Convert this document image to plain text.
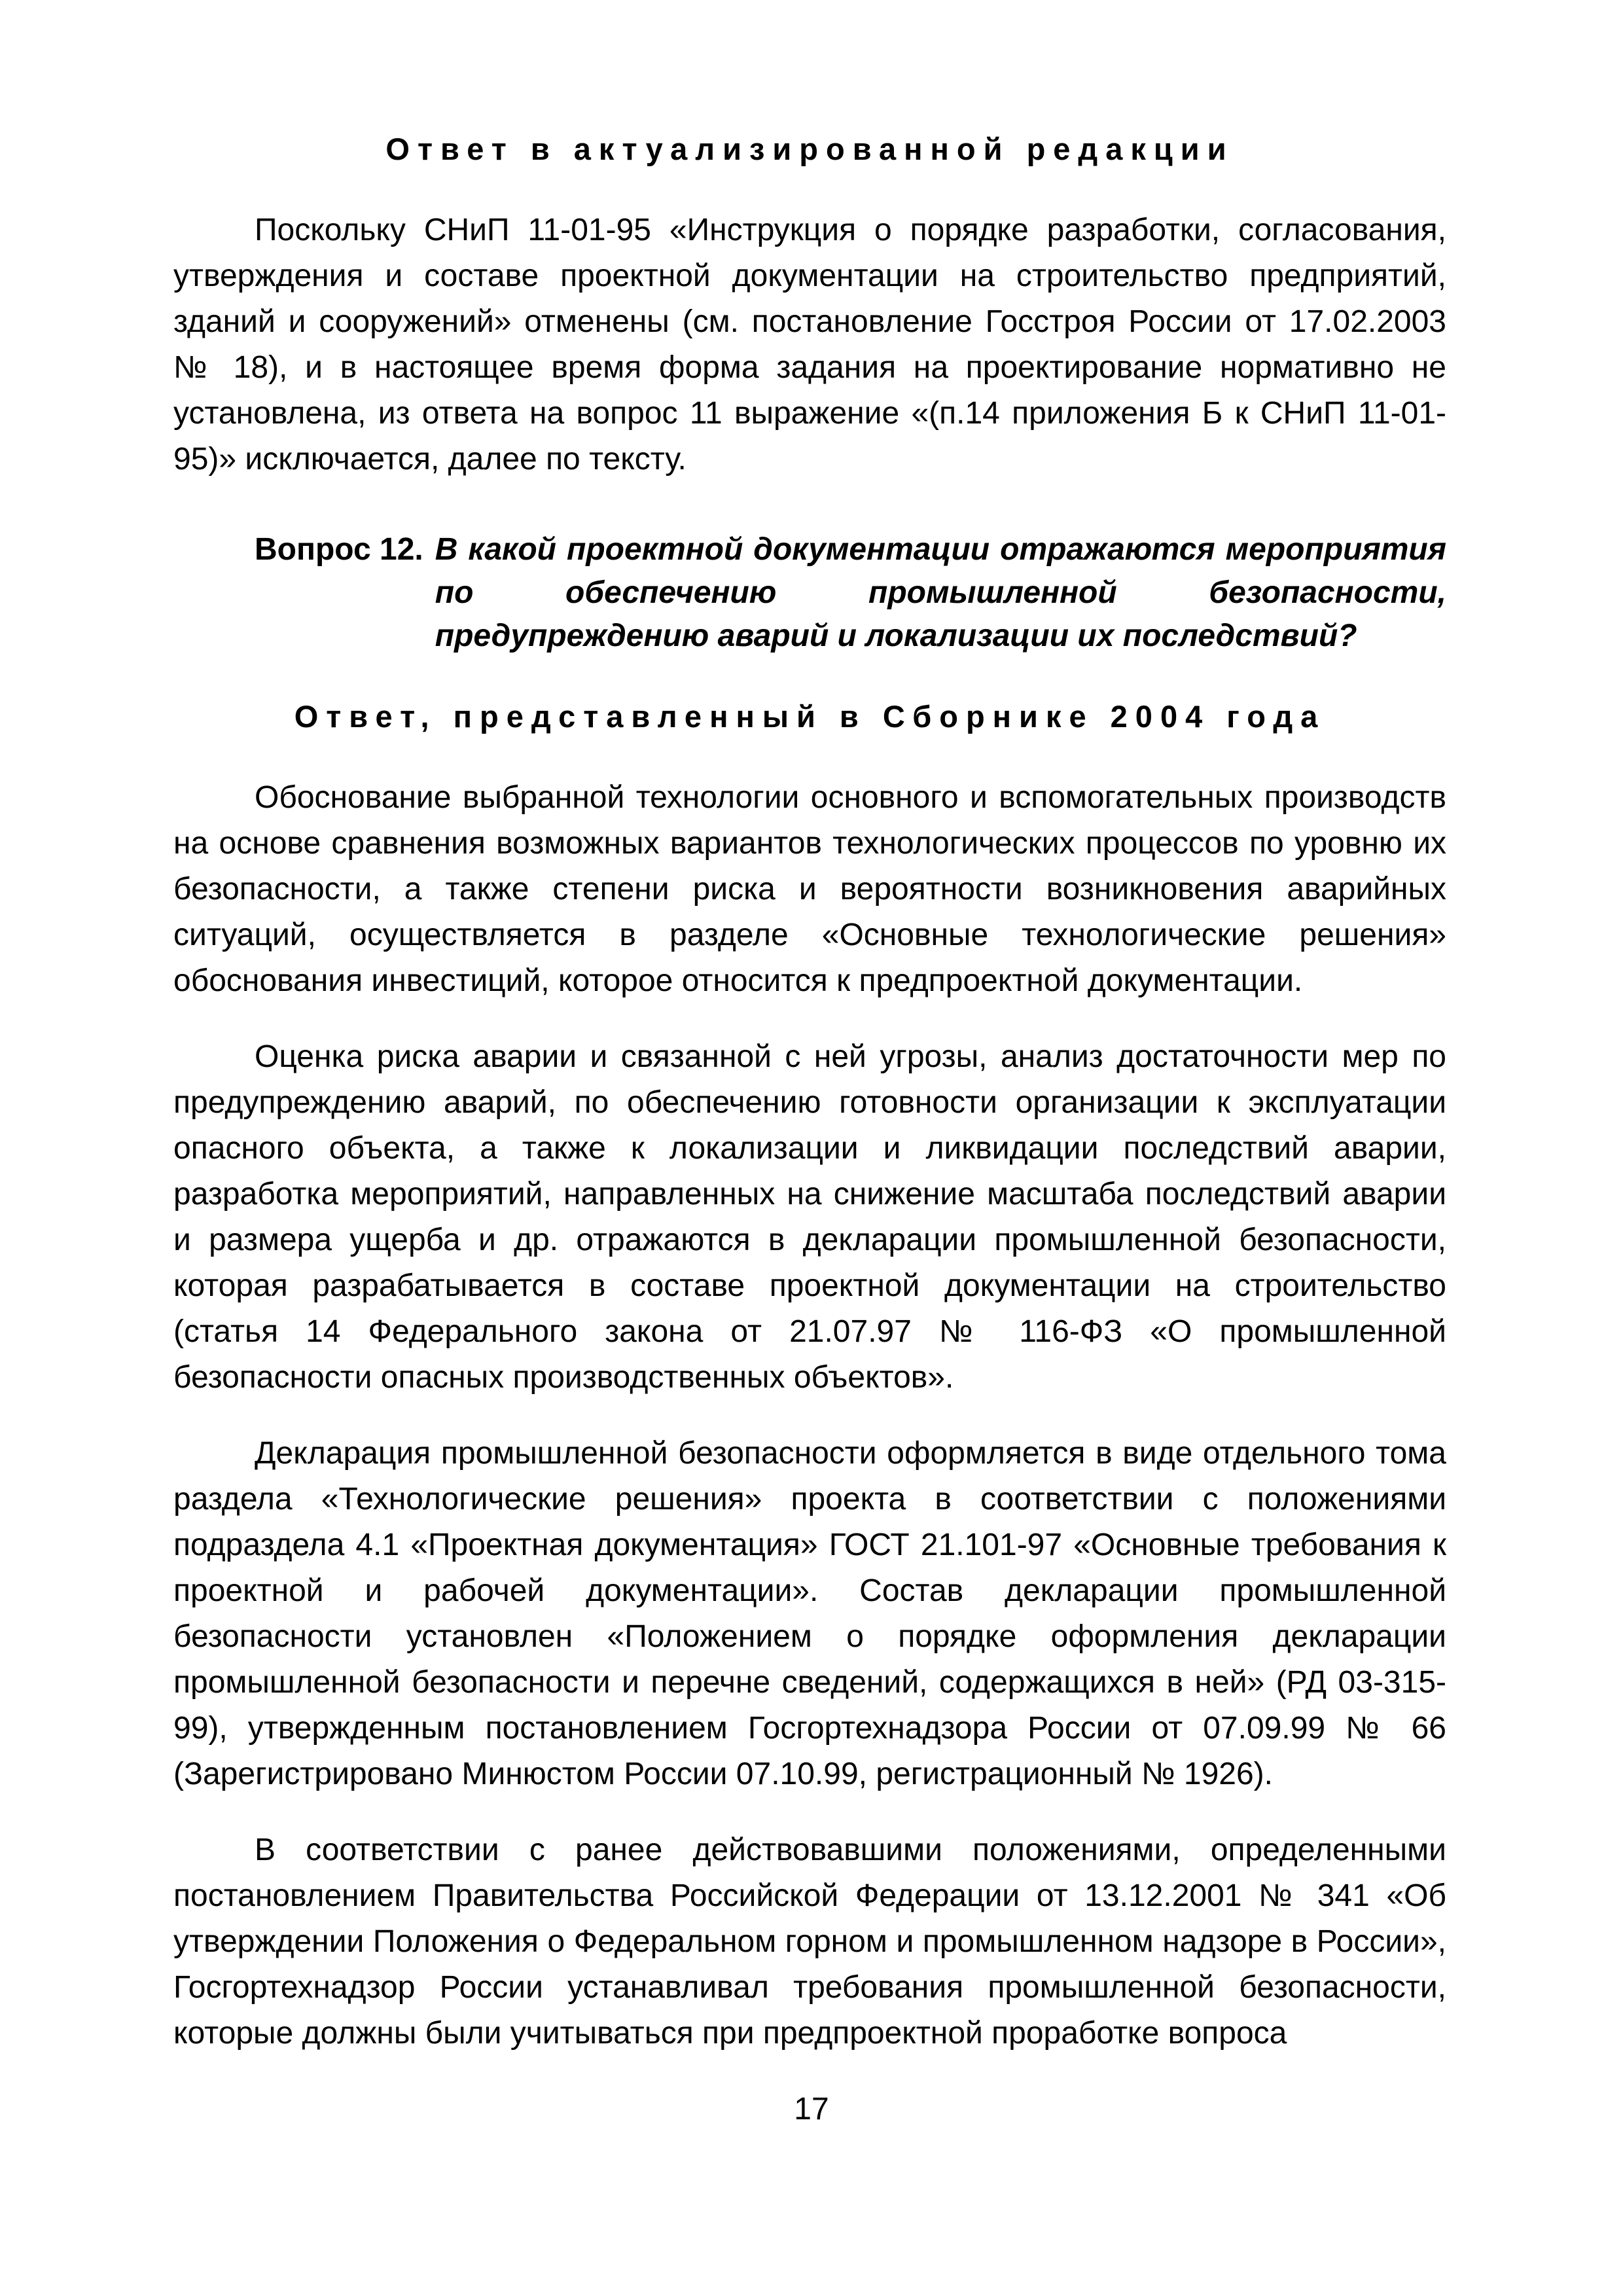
Ответ в актуализированной редакции

Поскольку СНиП 11-01-95 «Инструкция о порядке разработки, согласования, утверждения и составе проектной документации на строительство предприятий, зданий и сооружений» отменены (см. постановление Госстроя России от 17.02.2003 № 18), и в настоящее время форма задания на проектирование нормативно не установлена, из ответа на вопрос 11 выражение «(п.14 приложения Б к СНиП 11-01-95)» исключается, далее по тексту.

Вопрос 12. В какой проектной документации отражаются мероприятия по обеспечению промышленной безопасности, предупреждению аварий и локализации их последствий?
Ответ, представленный в Сборнике 2004 года

Обоснование выбранной технологии основного и вспомогательных производств на основе сравнения возможных вариантов технологических процессов по уровню их безопасности, а также степени риска и вероятности возникновения аварийных ситуаций, осуществляется в разделе «Основные технологические решения» обоснования инвестиций, которое относится к предпроектной документации.

Оценка риска аварии и связанной с ней угрозы, анализ достаточности мер по предупреждению аварий, по обеспечению готовности организации к эксплуатации опасного объекта, а также к локализации и ликвидации последствий аварии, разработка мероприятий, направленных на снижение масштаба последствий аварии и размера ущерба и др. отражаются в декларации промышленной безопасности, которая разрабатывается в составе проектной документации на строительство (статья 14 Федерального закона от 21.07.97 № 116-ФЗ «О промышленной безопасности опасных производственных объектов».

Декларация промышленной безопасности оформляется в виде отдельного тома раздела «Технологические решения» проекта в соответствии с положениями подраздела 4.1 «Проектная документация» ГОСТ 21.101-97 «Основные требования к проектной и рабочей документации». Состав декларации промышленной безопасности установлен «Положением о порядке оформления декларации промышленной безопасности и перечне сведений, содержащихся в ней» (РД 03-315-99), утвержденным постановлением Госгортехнадзора России от 07.09.99 № 66 (Зарегистрировано Минюстом России 07.10.99, регистрационный № 1926).

В соответствии с ранее действовавшими положениями, определенными постановлением Правительства Российской Федерации от 13.12.2001 № 341 «Об утверждении Положения о Федеральном горном и промышленном надзоре в России», Госгортехнадзор России устанавливал требования промышленной безопасности, которые должны были учитываться при предпроектной проработке вопроса

17
